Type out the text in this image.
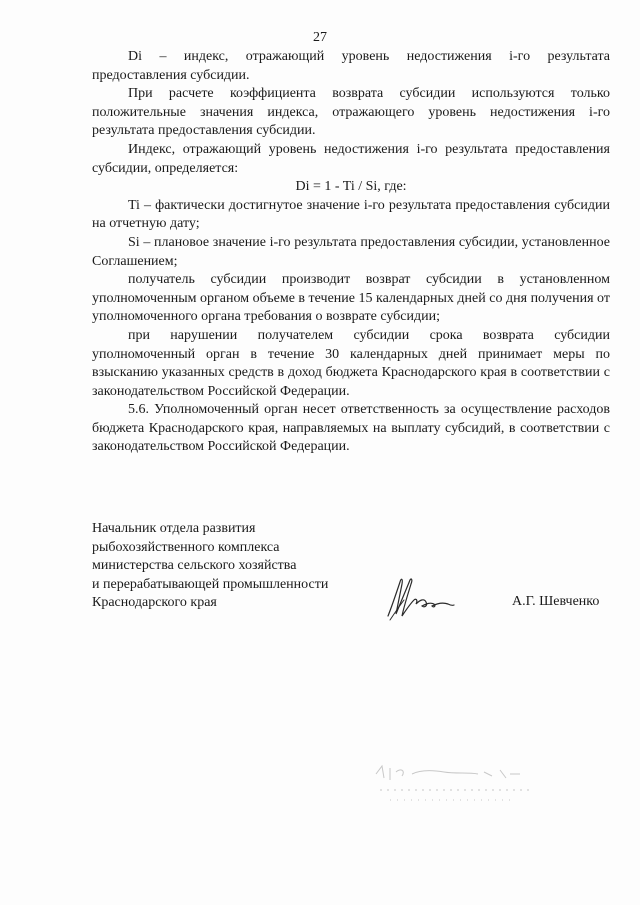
27

Di – индекс, отражающий уровень недостижения i-го результата предоставления субсидии.

При расчете коэффициента возврата субсидии используются только положительные значения индекса, отражающего уровень недостижения i-го результата предоставления субсидии.

Индекс, отражающий уровень недостижения i-го результата предоставления субсидии, определяется:

Di = 1 - Ti / Si, где:

Ti – фактически достигнутое значение i-го результата предоставления субсидии на отчетную дату;

Si – плановое значение i-го результата предоставления субсидии, установленное Соглашением;

получатель субсидии производит возврат субсидии в установленном уполномоченным органом объеме в течение 15 календарных дней со дня получения от уполномоченного органа требования о возврате субсидии;

при нарушении получателем субсидии срока возврата субсидии уполномоченный орган в течение 30 календарных дней принимает меры по взысканию указанных средств в доход бюджета Краснодарского края в соответствии с законодательством Российской Федерации.

5.6. Уполномоченный орган несет ответственность за осуществление расходов бюджета Краснодарского края, направляемых на выплату субсидий, в соответствии с законодательством Российской Федерации.

Начальник отдела развития
рыбохозяйственного комплекса
министерства сельского хозяйства
и перерабатывающей промышленности
Краснодарского края	А.Г. Шевченко
